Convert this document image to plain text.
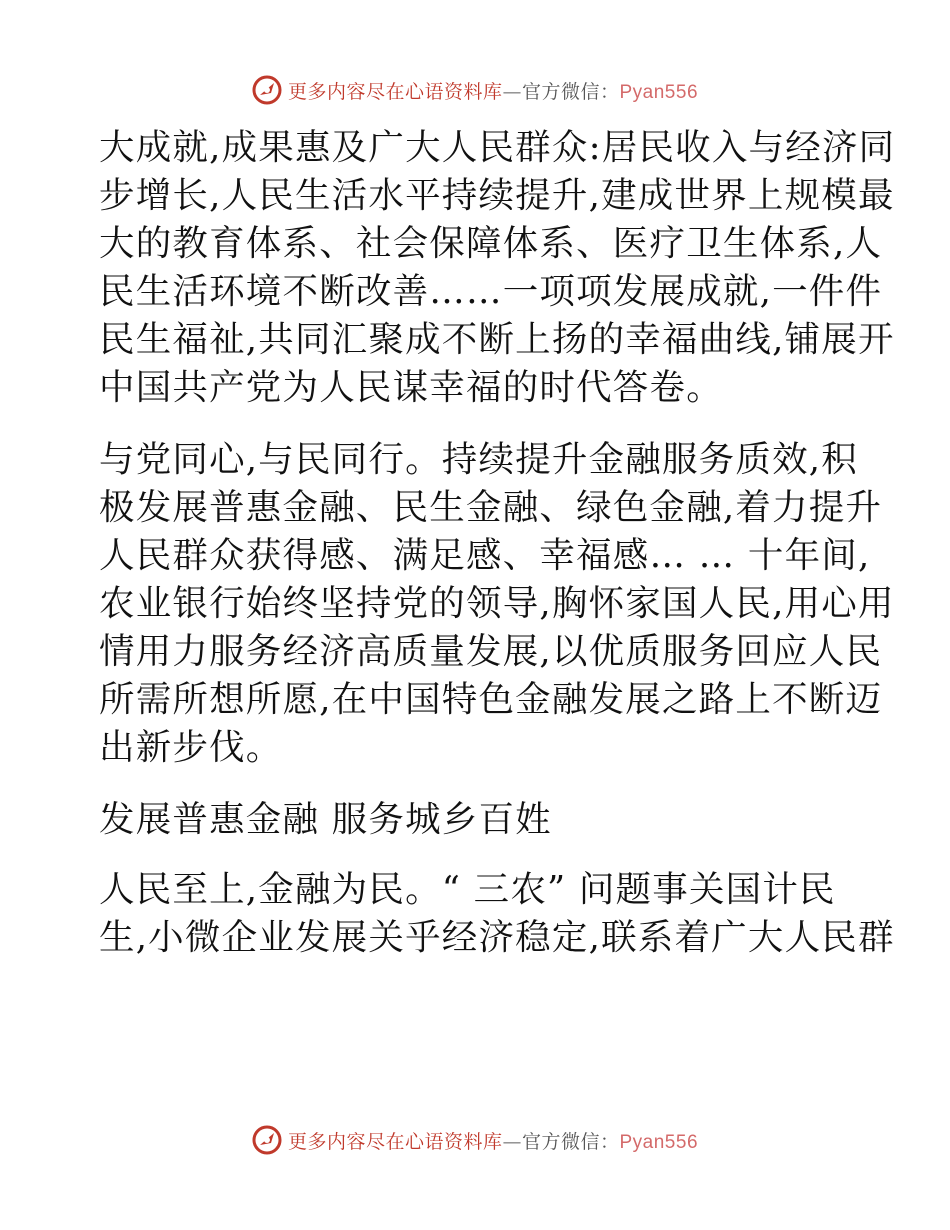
更多内容尽在心语资料库—官方微信：Pyan556
大成就,成果惠及广大人民群众:居民收入与经济同
步增长,人民生活水平持续提升,建成世界上规模最
大的教育体系、社会保障体系、医疗卫生体系,人
民生活环境不断改善……一项项发展成就,一件件
民生福祉,共同汇聚成不断上扬的幸福曲线,铺展开
中国共产党为人民谋幸福的时代答卷。
与党同心,与民同行。持续提升金融服务质效,积
极发展普惠金融、民生金融、绿色金融,着力提升
人民群众获得感、满足感、幸福感… … 十年间,
农业银行始终坚持党的领导,胸怀家国人民,用心用
情用力服务经济高质量发展,以优质服务回应人民
所需所想所愿,在中国特色金融发展之路上不断迈
出新步伐。
发展普惠金融 服务城乡百姓
人民至上,金融为民。“ 三农” 问题事关国计民
生,小微企业发展关乎经济稳定,联系着广大人民群
更多内容尽在心语资料库—官方微信：Pyan556
